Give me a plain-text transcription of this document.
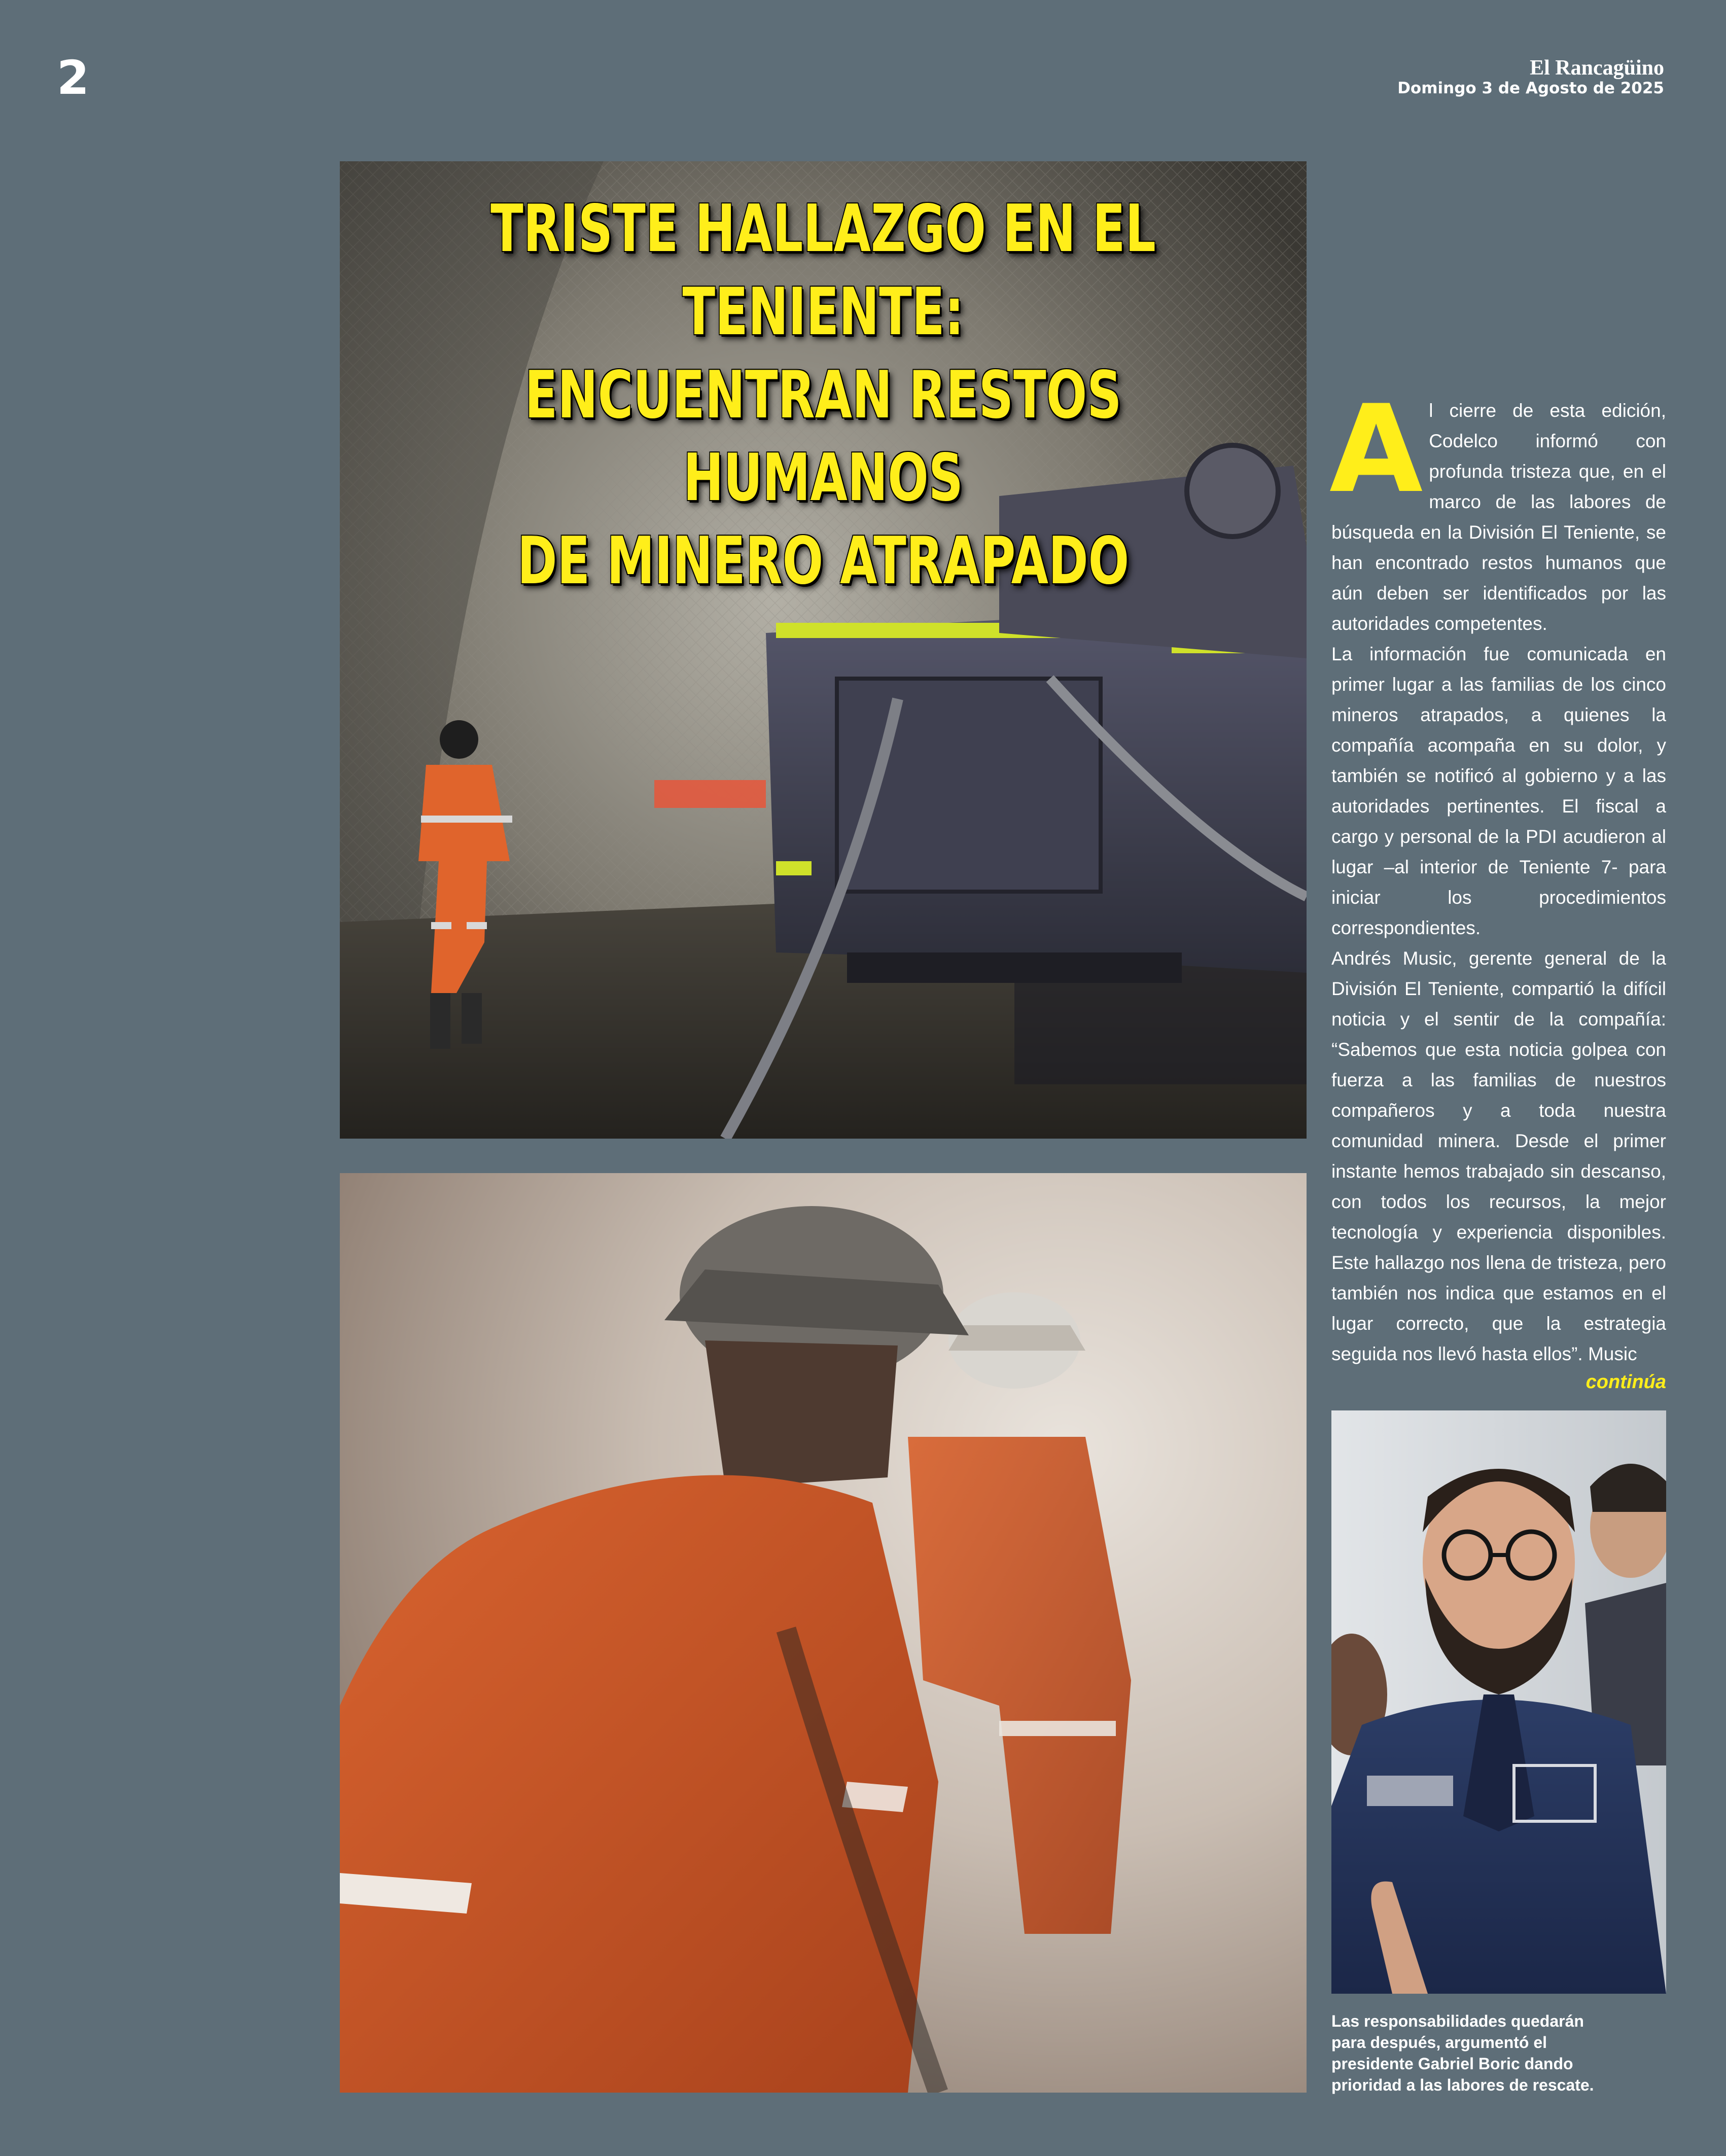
2	El Rancagüino
Domingo 3 de Agosto de 2025
TRISTE HALLAZGO EN EL TENIENTE:
ENCUENTRAN RESTOS HUMANOS
DE MINERO ATRAPADO
A l cierre de esta edición, Codelco informó con profunda tristeza que, en el marco de las labores de búsqueda en la División El Teniente, se han encontrado restos humanos que aún deben ser identificados por las autoridades competentes.

La información fue comunicada en primer lugar a las familias de los cinco mineros atrapados, a quienes la compañía acompaña en su dolor, y también se notificó al gobierno y a las autoridades pertinentes. El fiscal a cargo y personal de la PDI acudieron al lugar –al interior de Teniente 7- para iniciar los procedimientos correspondientes.

Andrés Music, gerente general de la División El Teniente, compartió la difícil noticia y el sentir de la compañía: “Sabemos que esta noticia golpea con fuerza a las familias de nuestros compañeros y a toda nuestra comunidad minera. Desde el primer instante hemos trabajado sin descanso, con todos los recursos, la mejor tecnología y experiencia disponibles. Este hallazgo nos llena de tristeza, pero también nos indica que estamos en el lugar correcto, que la estrategia seguida nos llevó hasta ellos”. Music

continúa
Las responsabilidades quedarán para después, argumentó el presidente Gabriel Boric dando prioridad a las labores de rescate.
